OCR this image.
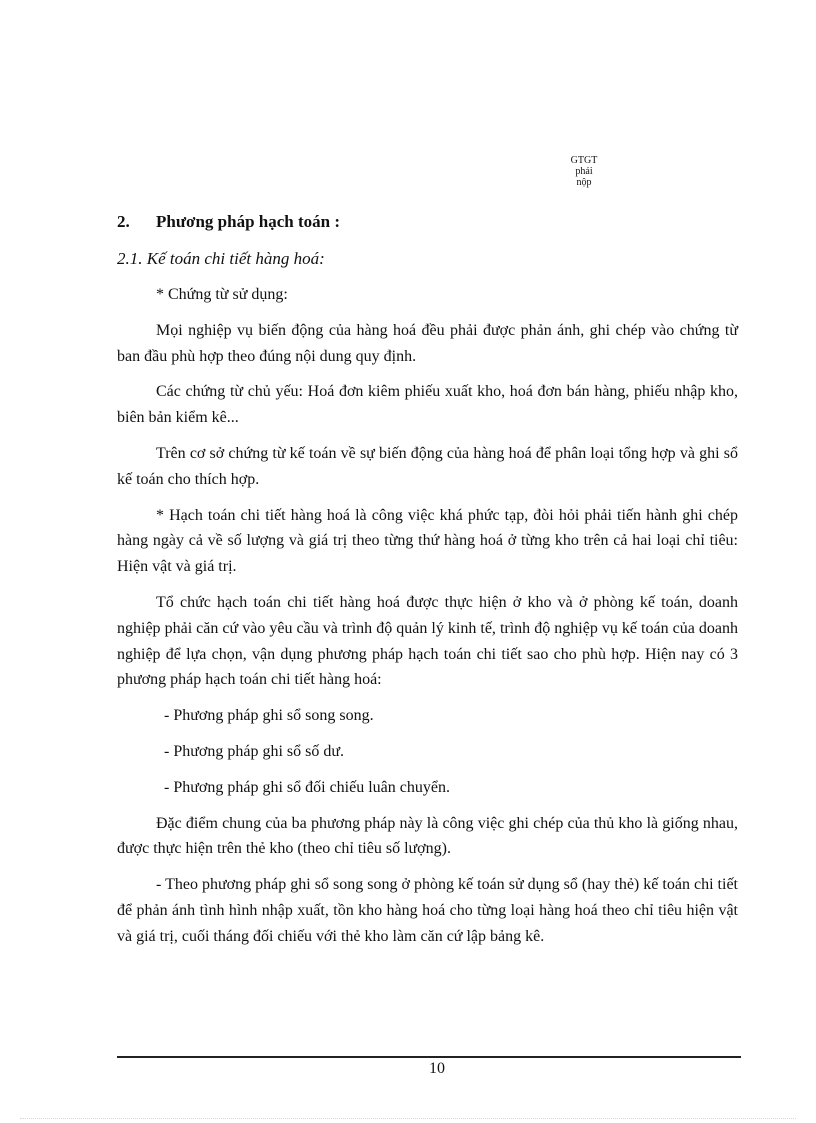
GTGT
phải
nộp
2. Phương pháp hạch toán :
2.1. Kế toán chi tiết hàng hoá:

* Chứng từ sử dụng:

Mọi nghiệp vụ biến động của hàng hoá đều phải được phản ánh, ghi chép vào chứng từ ban đầu phù hợp theo đúng nội dung quy định.

Các chứng từ chủ yếu: Hoá đơn kiêm phiếu xuất kho, hoá đơn bán hàng, phiếu nhập kho, biên bản kiểm kê...

Trên cơ sở chứng từ kế toán về sự biến động của hàng hoá để phân loại tổng hợp và ghi sổ kế toán cho thích hợp.

* Hạch toán chi tiết hàng hoá là công việc khá phức tạp, đòi hỏi phải tiến hành ghi chép hàng ngày cả về số lượng và giá trị theo từng thứ hàng hoá ở từng kho trên cả hai loại chỉ tiêu: Hiện vật và giá trị.

Tổ chức hạch toán chi tiết hàng hoá được thực hiện ở kho và ở phòng kế toán, doanh nghiệp phải căn cứ vào yêu cầu và trình độ quản lý kinh tế, trình độ nghiệp vụ kế toán của doanh nghiệp để lựa chọn, vận dụng phương pháp hạch toán chi tiết sao cho phù hợp. Hiện nay có 3 phương pháp hạch toán chi tiết hàng hoá:

- Phương pháp ghi sổ song song.

- Phương pháp ghi sổ số dư.

- Phương pháp ghi sổ đối chiếu luân chuyển.

Đặc điểm chung của ba phương pháp này là công việc ghi chép của thủ kho là giống nhau, được thực hiện trên thẻ kho (theo chỉ tiêu số lượng).

- Theo phương pháp ghi sổ song song ở phòng kế toán sử dụng sổ (hay thẻ) kế toán chi tiết để phản ánh tình hình nhập xuất, tồn kho hàng hoá cho từng loại hàng hoá theo chỉ tiêu hiện vật và giá trị, cuối tháng đối chiếu với thẻ kho làm căn cứ lập bảng kê.

10
